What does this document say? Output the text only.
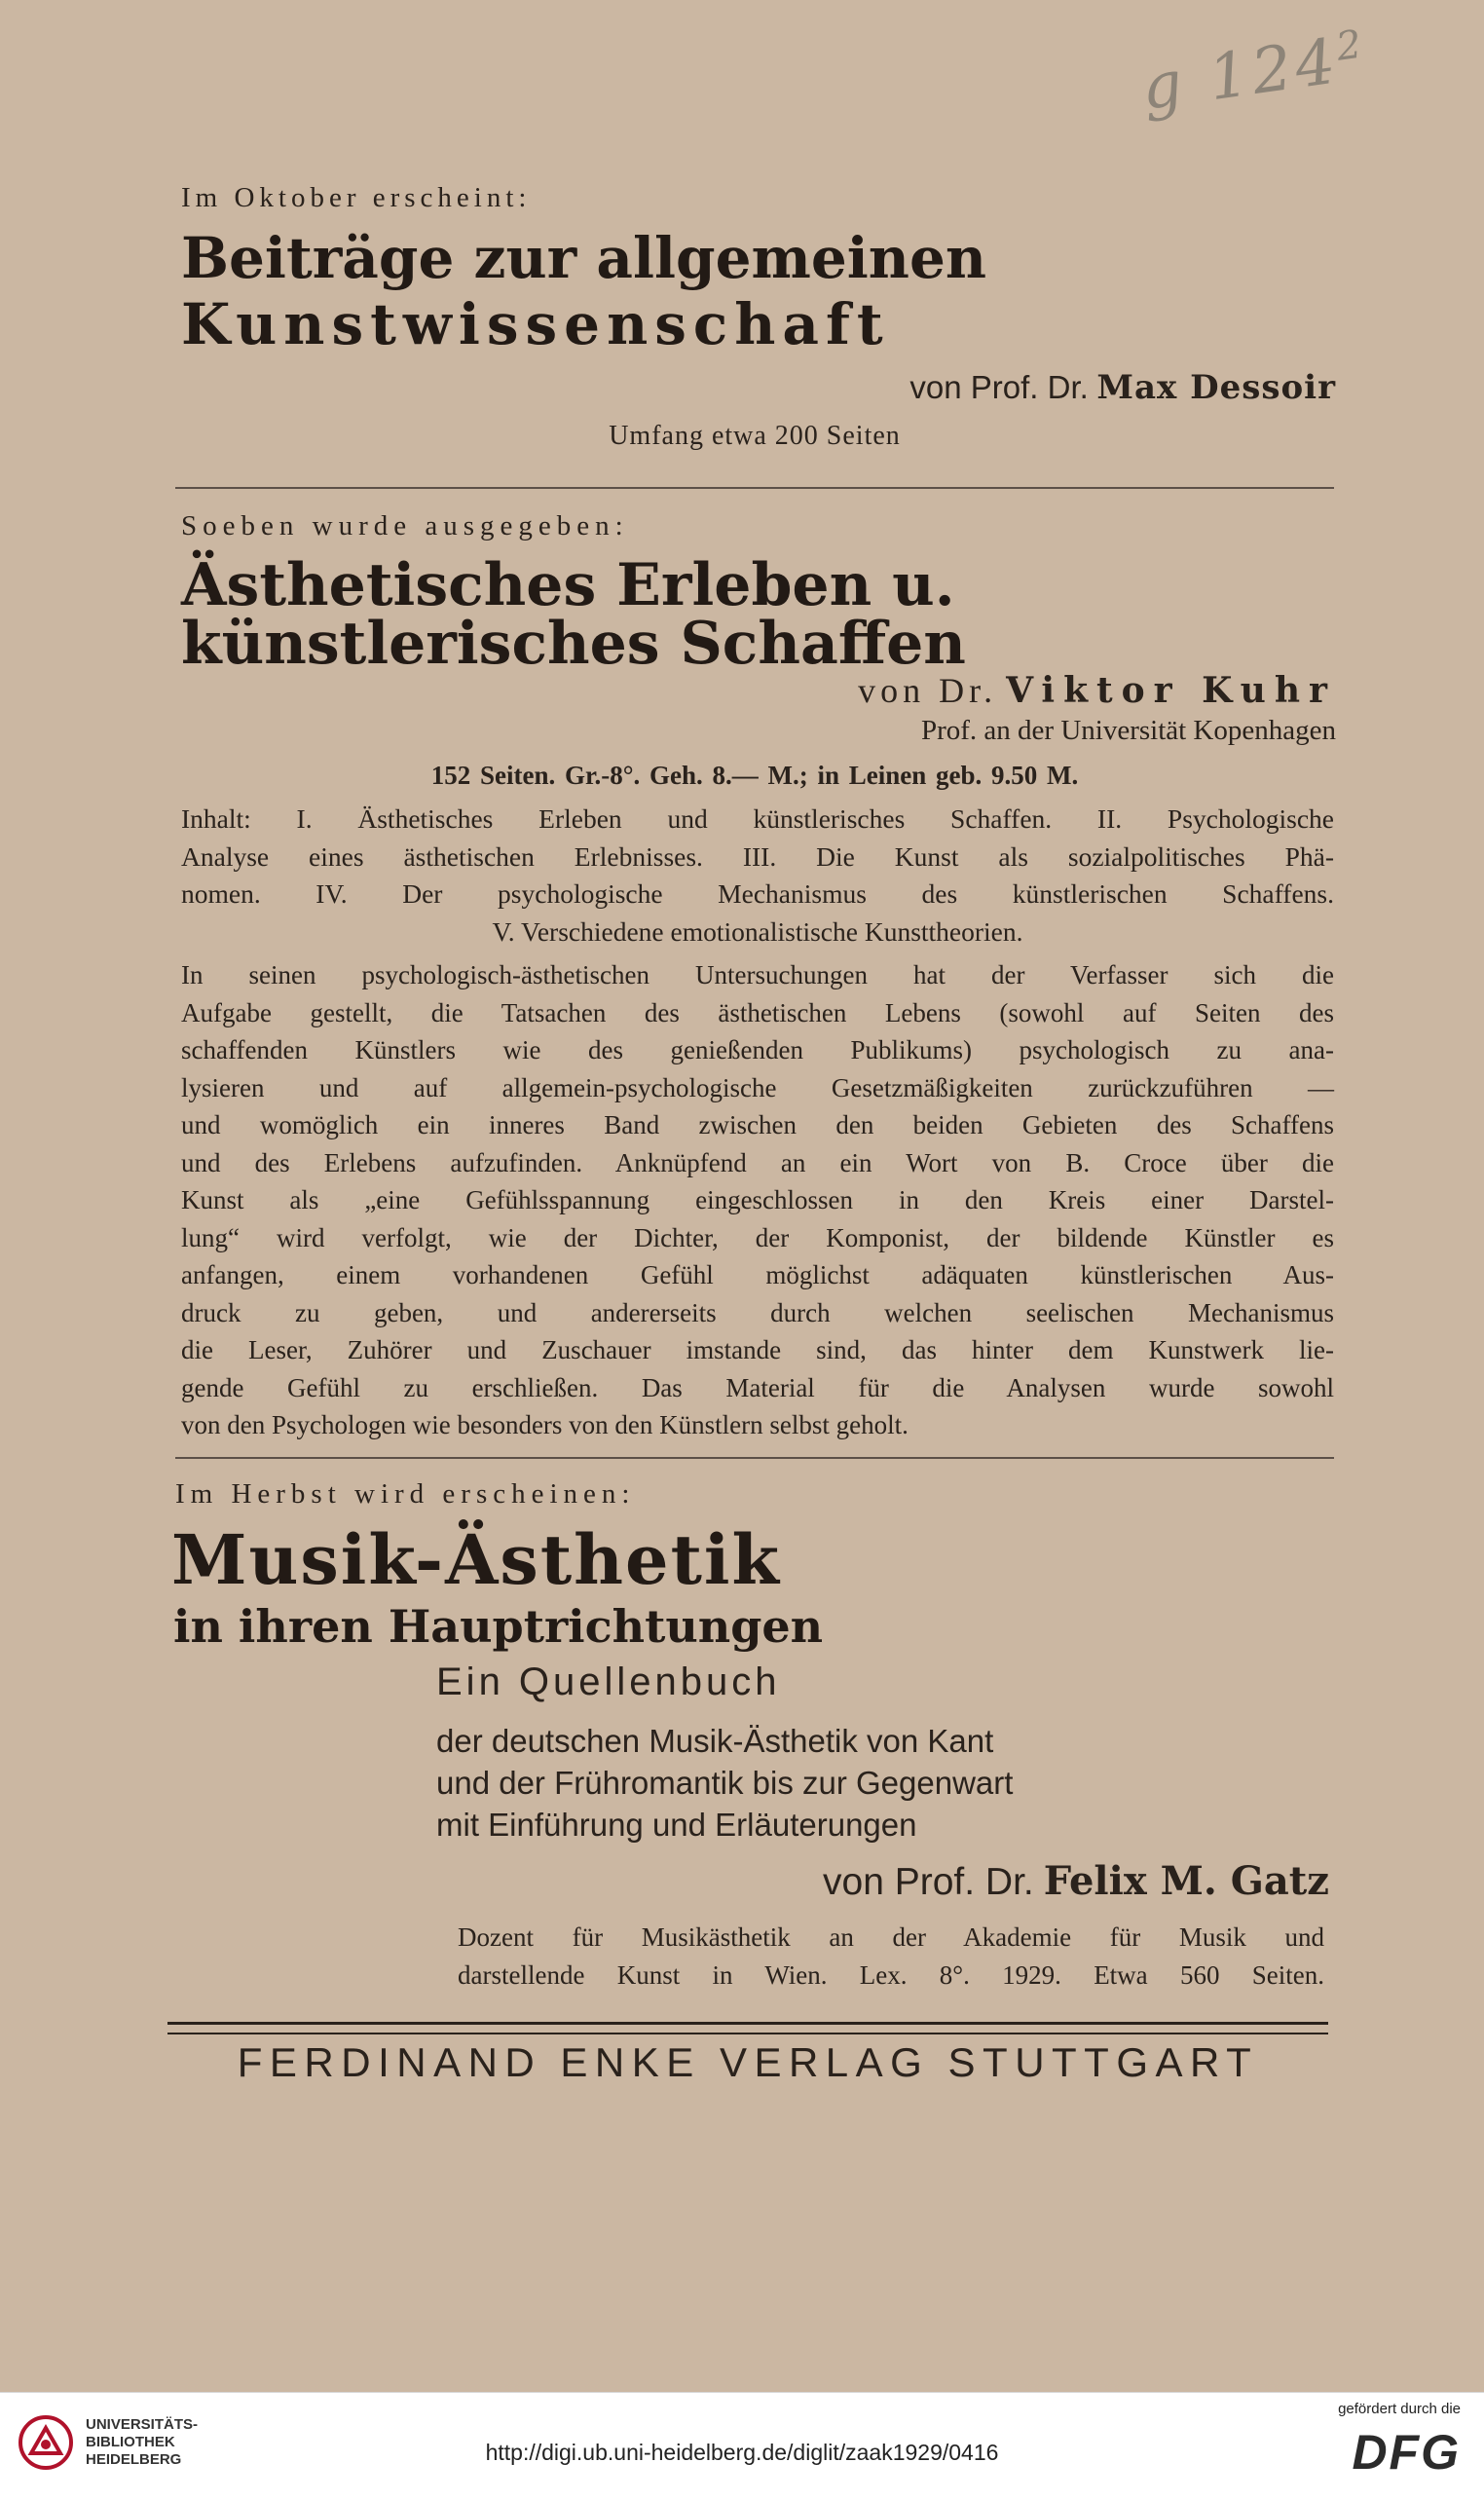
g $124^2$
Im Oktober erscheint:
Beiträge zur allgemeinen
Kunstwissenschaft
von Prof. Dr. Max Dessoir
Umfang etwa 200 Seiten
Soeben wurde ausgegeben:
Ästhetisches Erleben u.
künstlerisches Schaffen
von Dr. Viktor Kuhr
Prof. an der Universität Kopenhagen
152 Seiten. Gr.-8°. Geh. 8.— M.; in Leinen geb. 9.50 M.
Inhalt: I. Ästhetisches Erleben und künstlerisches Schaffen. II. Psychologische
Analyse eines ästhetischen Erlebnisses. III. Die Kunst als sozialpolitisches Phä-
nomen. IV. Der psychologische Mechanismus des künstlerischen Schaffens.
V. Verschiedene emotionalistische Kunsttheorien.
In seinen psychologisch-ästhetischen Untersuchungen hat der Verfasser sich die
Aufgabe gestellt, die Tatsachen des ästhetischen Lebens (sowohl auf Seiten des
schaffenden Künstlers wie des genießenden Publikums) psychologisch zu ana-
lysieren und auf allgemein-psychologische Gesetzmäßigkeiten zurückzuführen —
und womöglich ein inneres Band zwischen den beiden Gebieten des Schaffens
und des Erlebens aufzufinden. Anknüpfend an ein Wort von B. Croce über die
Kunst als „eine Gefühlsspannung eingeschlossen in den Kreis einer Darstel-
lung“ wird verfolgt, wie der Dichter, der Komponist, der bildende Künstler es
anfangen, einem vorhandenen Gefühl möglichst adäquaten künstlerischen Aus-
druck zu geben, und andererseits durch welchen seelischen Mechanismus
die Leser, Zuhörer und Zuschauer imstande sind, das hinter dem Kunstwerk lie-
gende Gefühl zu erschließen. Das Material für die Analysen wurde sowohl
von den Psychologen wie besonders von den Künstlern selbst geholt.
Im Herbst wird erscheinen:
Musik-Ästhetik
in ihren Hauptrichtungen
Ein Quellenbuch
der deutschen Musik-Ästhetik von Kant
und der Frühromantik bis zur Gegenwart
mit Einführung und Erläuterungen
von Prof. Dr. Felix M. Gatz
Dozent für Musikästhetik an der Akademie für Musik und
darstellende Kunst in Wien. Lex. 8°. 1929. Etwa 560 Seiten.
FERDINAND ENKE VERLAG STUTTGART
UNIVERSITÄTS-
BIBLIOTHEK
HEIDELBERG	http://digi.ub.uni-heidelberg.de/diglit/zaak1929/0416
gefördert durch die
DFG
